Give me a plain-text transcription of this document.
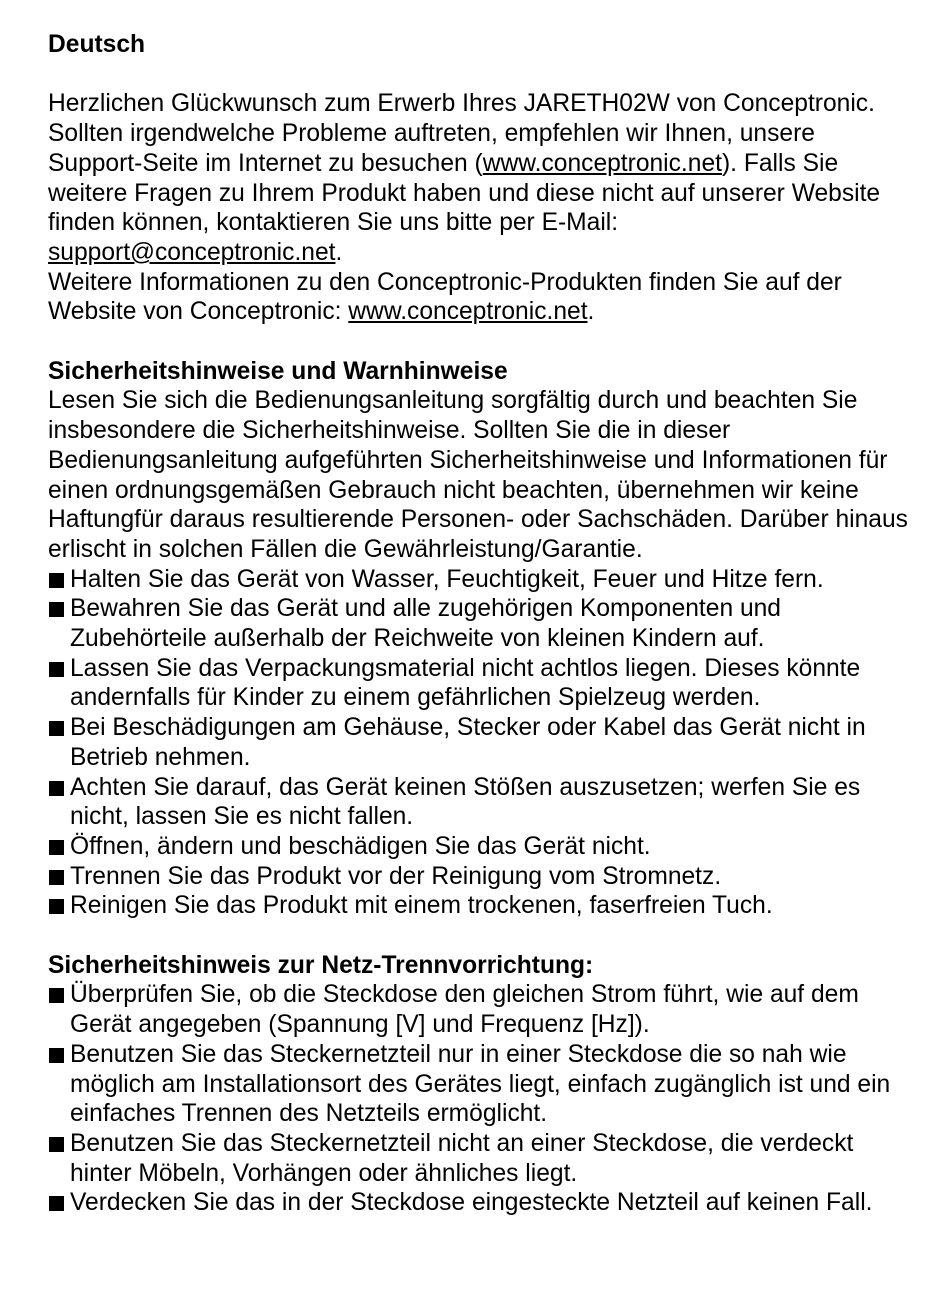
Deutsch

Herzlichen Glückwunsch zum Erwerb Ihres JARETH02W von Conceptronic. Sollten irgendwelche Probleme auftreten, empfehlen wir Ihnen, unsere Support-Seite im Internet zu besuchen (www.conceptronic.net). Falls Sie weitere Fragen zu Ihrem Produkt haben und diese nicht auf unserer Website finden können, kontaktieren Sie uns bitte per E-Mail: support@conceptronic.net.

Weitere Informationen zu den Conceptronic-Produkten finden Sie auf der Website von Conceptronic: www.conceptronic.net.

Sicherheitshinweise und Warnhinweise

Lesen Sie sich die Bedienungsanleitung sorgfältig durch und beachten Sie insbesondere die Sicherheitshinweise. Sollten Sie die in dieser Bedienungsanleitung aufgeführten Sicherheitshinweise und Informationen für einen ordnungsgemäßen Gebrauch nicht beachten, übernehmen wir keine Haftungfür daraus resultierende Personen- oder Sachschäden. Darüber hinaus erlischt in solchen Fällen die Gewährleistung/Garantie.

Halten Sie das Gerät von Wasser, Feuchtigkeit, Feuer und Hitze fern.
Bewahren Sie das Gerät und alle zugehörigen Komponenten und Zubehörteile außerhalb der Reichweite von kleinen Kindern auf.
Lassen Sie das Verpackungsmaterial nicht achtlos liegen. Dieses könnte andernfalls für Kinder zu einem gefährlichen Spielzeug werden.
Bei Beschädigungen am Gehäuse, Stecker oder Kabel das Gerät nicht in Betrieb nehmen.
Achten Sie darauf, das Gerät keinen Stößen auszusetzen; werfen Sie es nicht, lassen Sie es nicht fallen.
Öffnen, ändern und beschädigen Sie das Gerät nicht.
Trennen Sie das Produkt vor der Reinigung vom Stromnetz.
Reinigen Sie das Produkt mit einem trockenen, faserfreien Tuch.

Sicherheitshinweis zur Netz-Trennvorrichtung:

Überprüfen Sie, ob die Steckdose den gleichen Strom führt, wie auf dem Gerät angegeben (Spannung [V] und Frequenz [Hz]).
Benutzen Sie das Steckernetzteil nur in einer Steckdose die so nah wie möglich am Installationsort des Gerätes liegt, einfach zugänglich ist und ein einfaches Trennen des Netzteils ermöglicht.
Benutzen Sie das Steckernetzteil nicht an einer Steckdose, die verdeckt hinter Möbeln, Vorhängen oder ähnliches liegt.
Verdecken Sie das in der Steckdose eingesteckte Netzteil auf keinen Fall.
